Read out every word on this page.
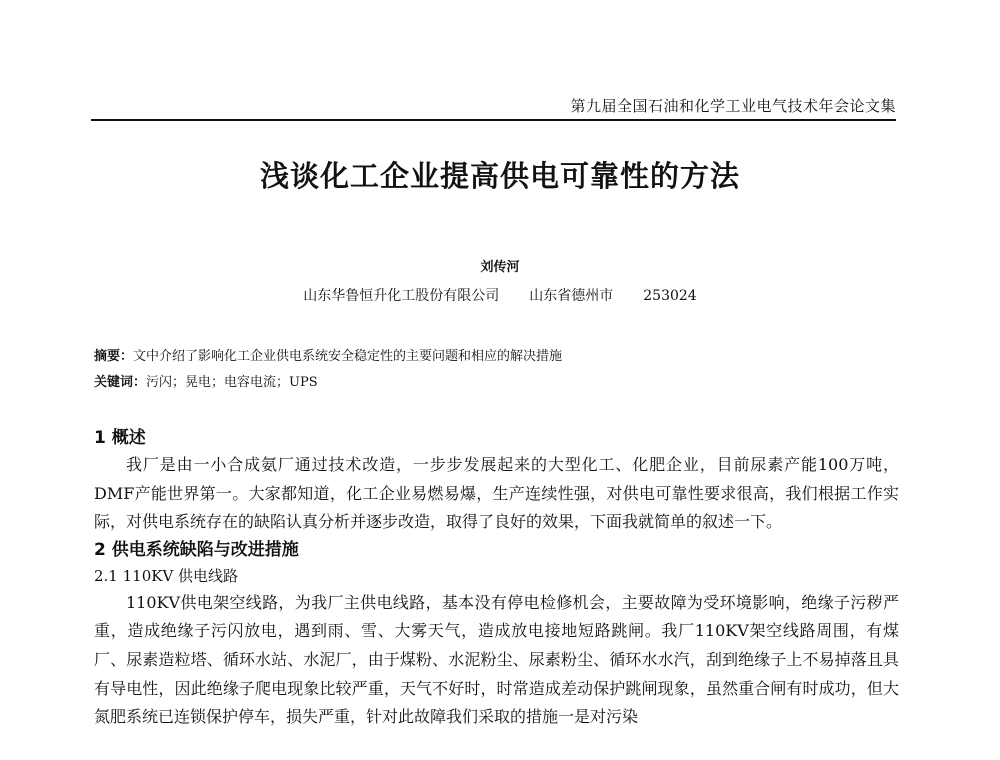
第九届全国石油和化学工业电气技术年会论文集
浅谈化工企业提高供电可靠性的方法
刘传河
山东华鲁恒升化工股份有限公司 山东省德州市 253024
摘要：文中介绍了影响化工企业供电系统安全稳定性的主要问题和相应的解决措施
关键词：污闪；晃电；电容电流；UPS
1 概述

我厂是由一小合成氨厂通过技术改造，一步步发展起来的大型化工、化肥企业，目前尿素产能100万吨，DMF产能世界第一。大家都知道，化工企业易燃易爆，生产连续性强，对供电可靠性要求很高，我们根据工作实际，对供电系统存在的缺陷认真分析并逐步改造，取得了良好的效果，下面我就简单的叙述一下。

2 供电系统缺陷与改进措施
2.1 110KV 供电线路

110KV供电架空线路，为我厂主供电线路，基本没有停电检修机会，主要故障为受环境影响，绝缘子污秽严重，造成绝缘子污闪放电，遇到雨、雪、大雾天气，造成放电接地短路跳闸。我厂110KV架空线路周围，有煤厂、尿素造粒塔、循环水站、水泥厂，由于煤粉、水泥粉尘、尿素粉尘、循环水水汽，刮到绝缘子上不易掉落且具有导电性，因此绝缘子爬电现象比较严重，天气不好时，时常造成差动保护跳闸现象，虽然重合闸有时成功，但大氮肥系统已连锁保护停车，损失严重，针对此故障我们采取的措施一是对污染
